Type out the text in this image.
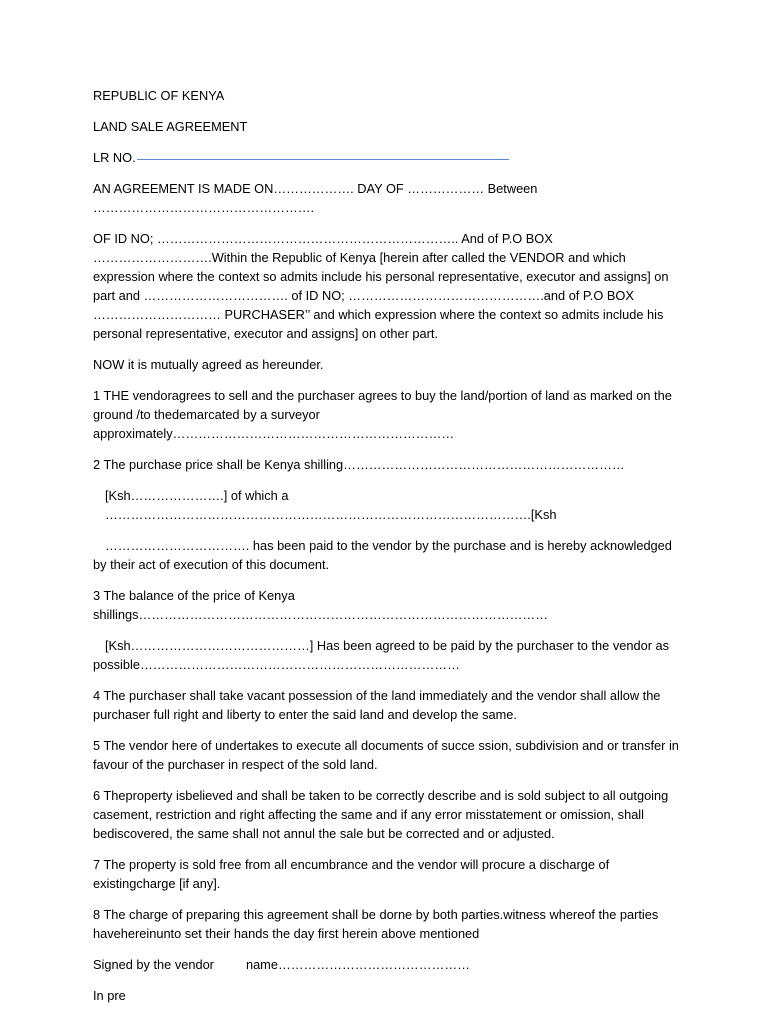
REPUBLIC OF KENYA

LAND SALE AGREEMENT

LR NO.

AN AGREEMENT IS MADE ON………………. DAY OF ……………… Between …………………………………………….

OF ID NO; …………………………………………………………….. And of P.O BOX ……………………….Within the Republic of Kenya [herein after called the VENDOR and which expression where the context so admits include his personal representative, executor and assigns] on part and ……………………………. of ID NO; ……………………………………….and of P.O BOX ………………………… PURCHASER’’ and which expression where the context so admits include his personal representative, executor and assigns] on other part.

NOW it is mutually agreed as hereunder.

1 THE vendoragrees to sell and the purchaser agrees to buy the land/portion of land as marked on the ground /to thedemarcated by a surveyor approximately…………………………………………………………

2 The purchase price shall be Kenya shilling…………………………………………………………

[Ksh………………….] of which a ……………………………………………………………………………………….[Ksh

……………………………. has been paid to the vendor by the purchase and is hereby acknowledged by their act of execution of this document.

3 The balance of the price of Kenya shillings……………………………………………………………………………………

[Ksh……………………………………] Has been agreed to be paid by the purchaser to the vendor as possible…………………………………………………………………

4 The purchaser shall take vacant possession of the land immediately and the vendor shall allow the purchaser full right and liberty to enter the said land and develop the same.

5 The vendor here of undertakes to execute all documents of succe ssion, subdivision and or transfer in favour of the purchaser in respect of the sold land.

6 Theproperty isbelieved and shall be taken to be correctly describe and is sold subject to all outgoing casement, restriction and right affecting the same and if any error misstatement or omission, shall bediscovered, the same shall not annul the sale but be corrected and or adjusted.

7 The property is sold free from all encumbrance and the vendor will procure a discharge of existingcharge [if any].

8 The charge of preparing this agreement shall be dorne by both parties.witness whereof the parties havehereinunto set their hands the day first herein above mentioned

Signed by the vendor	name………………………………………

In pre
